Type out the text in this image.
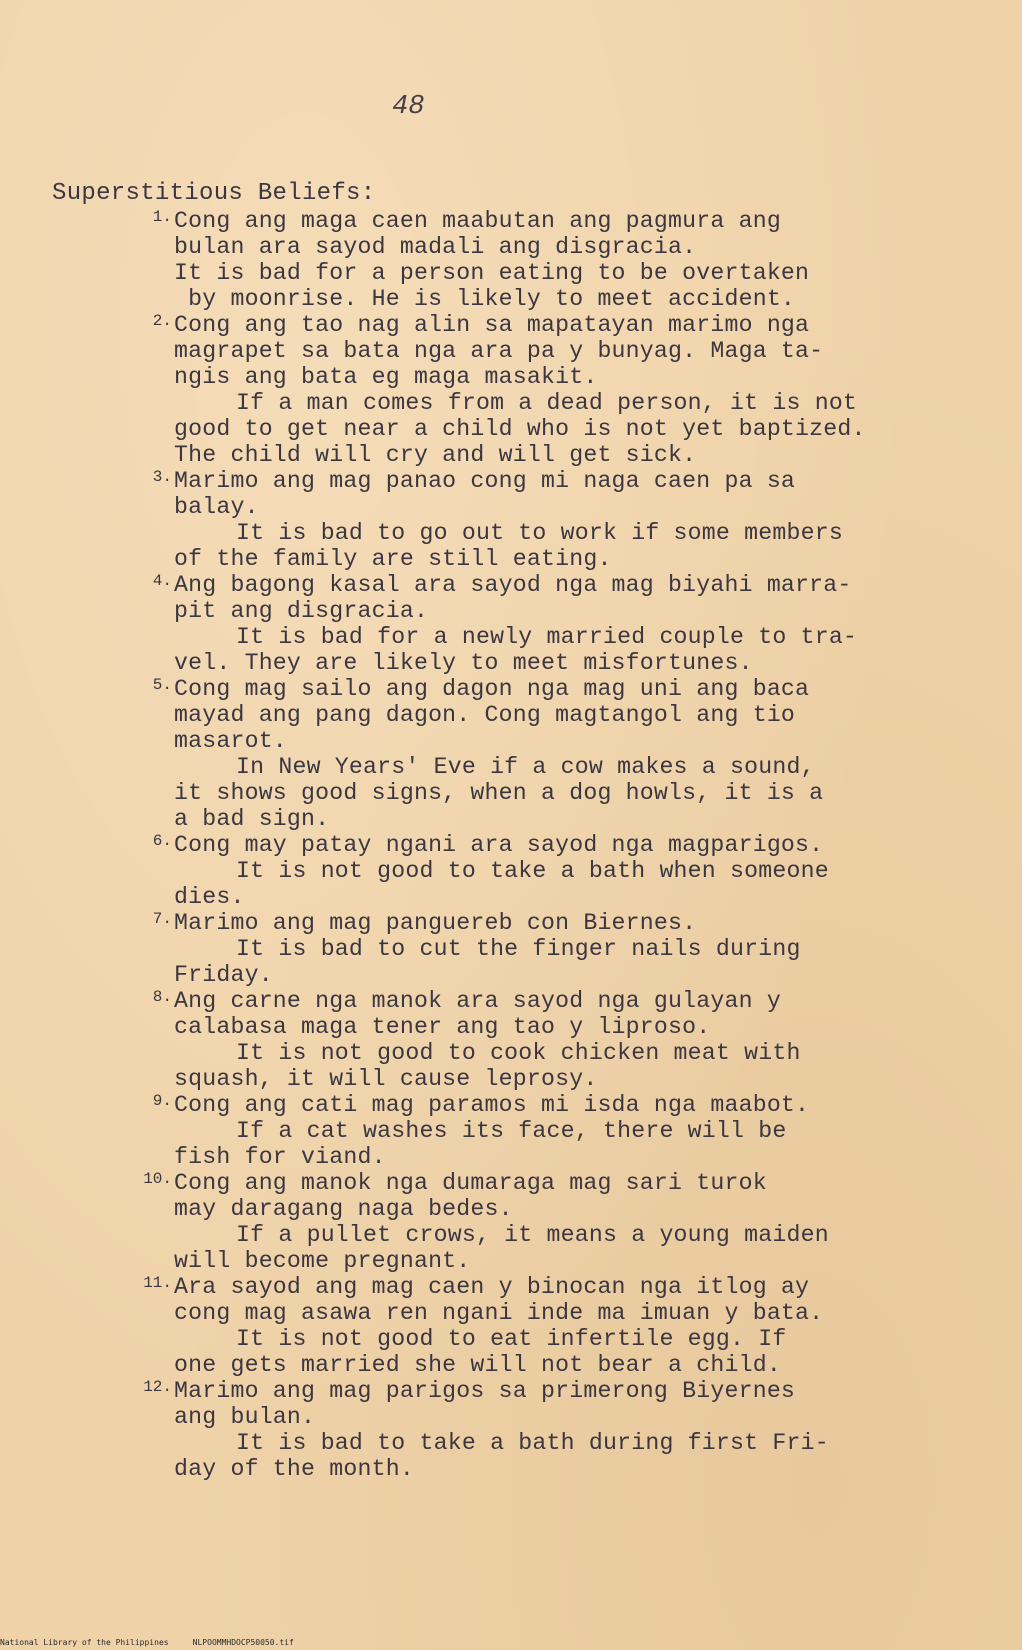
48
Superstitious Beliefs:
1. Cong ang maga caen maabutan ang pagmura ang
bulan ara sayod madali ang disgracia.
It is bad for a person eating to be overtaken
by moonrise. He is likely to meet accident.
2. Cong ang tao nag alin sa mapatayan marimo nga
magrapet sa bata nga ara pa y bunyag. Maga ta-
ngis ang bata eg maga masakit.
If a man comes from a dead person, it is not
good to get near a child who is not yet baptized.
The child will cry and will get sick.
3. Marimo ang mag panao cong mi naga caen pa sa
balay.
It is bad to go out to work if some members
of the family are still eating.
4. Ang bagong kasal ara sayod nga mag biyahi marra-
pit ang disgracia.
It is bad for a newly married couple to tra-
vel. They are likely to meet misfortunes.
5. Cong mag sailo ang dagon nga mag uni ang baca
mayad ang pang dagon. Cong magtangol ang tio
masarot.
In New Years' Eve if a cow makes a sound,
it shows good signs, when a dog howls, it is a
a bad sign.
6. Cong may patay ngani ara sayod nga magparigos.
It is not good to take a bath when someone
dies.
7. Marimo ang mag panguereb con Biernes.
It is bad to cut the finger nails during
Friday.
8. Ang carne nga manok ara sayod nga gulayan y
calabasa maga tener ang tao y liproso.
It is not good to cook chicken meat with
squash, it will cause leprosy.
9. Cong ang cati mag paramos mi isda nga maabot.
If a cat washes its face, there will be
fish for viand.
10. Cong ang manok nga dumaraga mag sari turok
may daragang naga bedes.
If a pullet crows, it means a young maiden
will become pregnant.
11. Ara sayod ang mag caen y binocan nga itlog ay
cong mag asawa ren ngani inde ma imuan y bata.
It is not good to eat infertile egg. If
one gets married she will not bear a child.
12. Marimo ang mag parigos sa primerong Biyernes
ang bulan.
It is bad to take a bath during first Fri-
day of the month.
National Library of the Philippines	NLPOOMMHDOCP50050.tif
